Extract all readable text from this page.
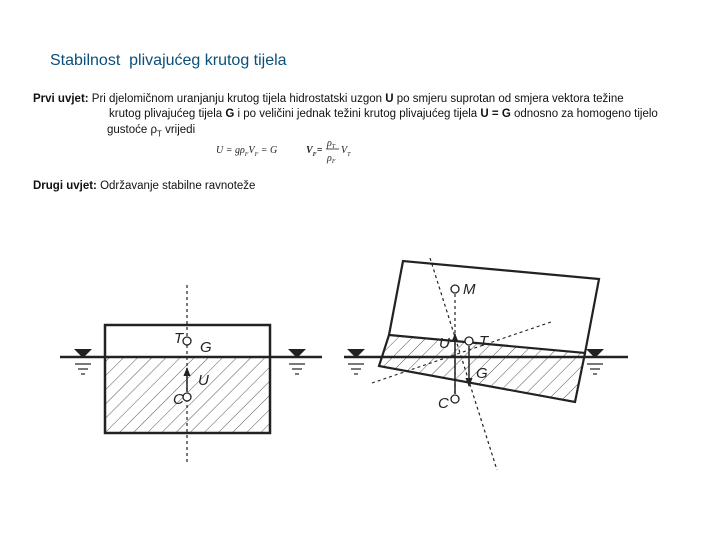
Stabilnost  plivajućeg krutog tijela
Prvi uvjet: Pri djelomičnom uranjanju krutog tijela hidrostatski uzgon U po smjeru suprotan od smjera vektora težine
krutog plivajućeg tijela G i po veličini jednak težini krutog plivajućeg tijela U = G odnosno za homogeno tijelo
gustoće $\rho_T$ vrijedi
$U = g\rho_FV_F = G$	$V_F=$
$\rho_T$
$\rho_F$
$V_T$
Drugi uvjet: Održavanje stabilne ravnoteže
T
G
U
C
M
U T
G
C
